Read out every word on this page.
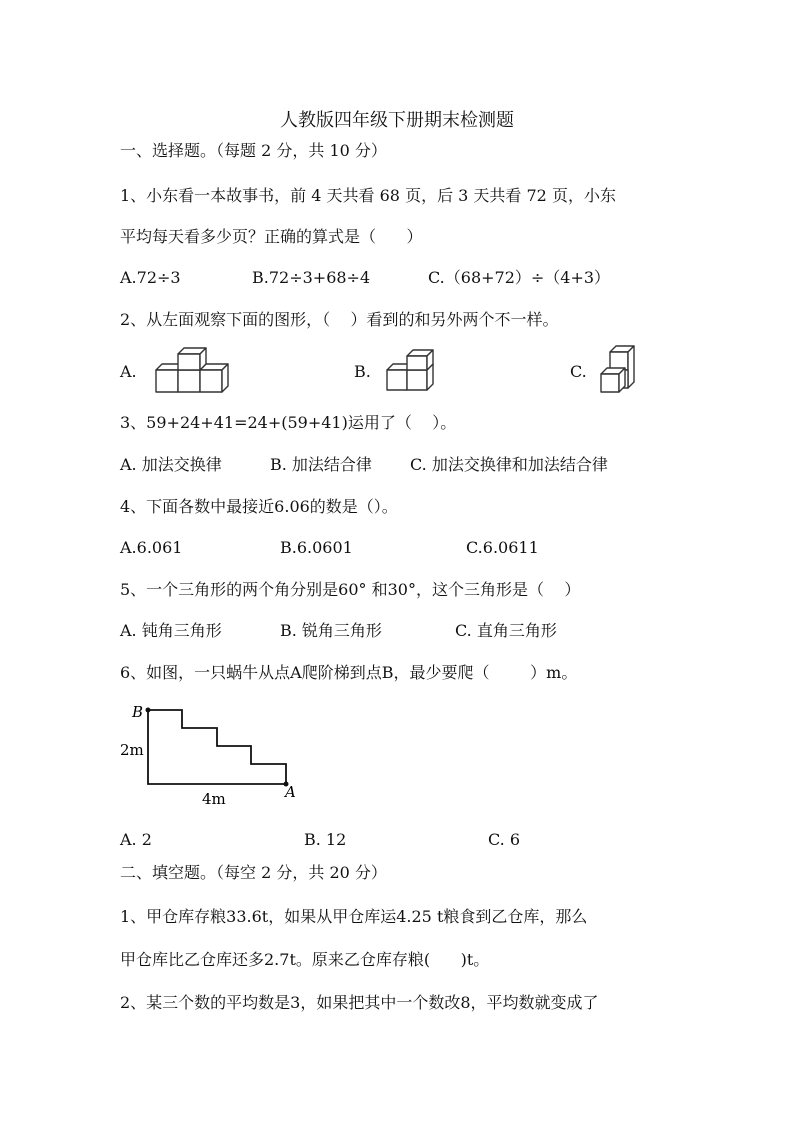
人教版四年级下册期末检测题
一、选择题。（每题 2 分，共 10 分）
1、小东看一本故事书，前 4 天共看 68 页，后 3 天共看 72 页，小东
平均每天看多少页？正确的算式是（      ）
A.72÷3	B.72÷3+68÷4	C.（68+72）÷（4+3）
2、从左面观察下面的图形，（    ）看到的和另外两个不一样。
A.	B.	C.
3、59+24+41=24+(59+41)运用了（    ）。
A. 加法交换律	B. 加法结合律 C. 加法交换律和加法结合律
4、下面各数中最接近6.06的数是（）。
A.6.061	B.6.0601	C.6.0611
5、一个三角形的两个角分别是60° 和30°，这个三角形是（    ）
A. 钝角三角形	B. 锐角三角形	C. 直角三角形
6、如图，一只蜗牛从点A爬阶梯到点B，最少要爬（        ）m。
B
A
2m
4m
A. 2	B. 12	C. 6
二、填空题。（每空 2 分，共 20 分）
1、甲仓库存粮33.6t，如果从甲仓库运4.25 t粮食到乙仓库，那么
甲仓库比乙仓库还多2.7t。原来乙仓库存粮(      )t。
2、某三个数的平均数是3，如果把其中一个数改8，平均数就变成了
